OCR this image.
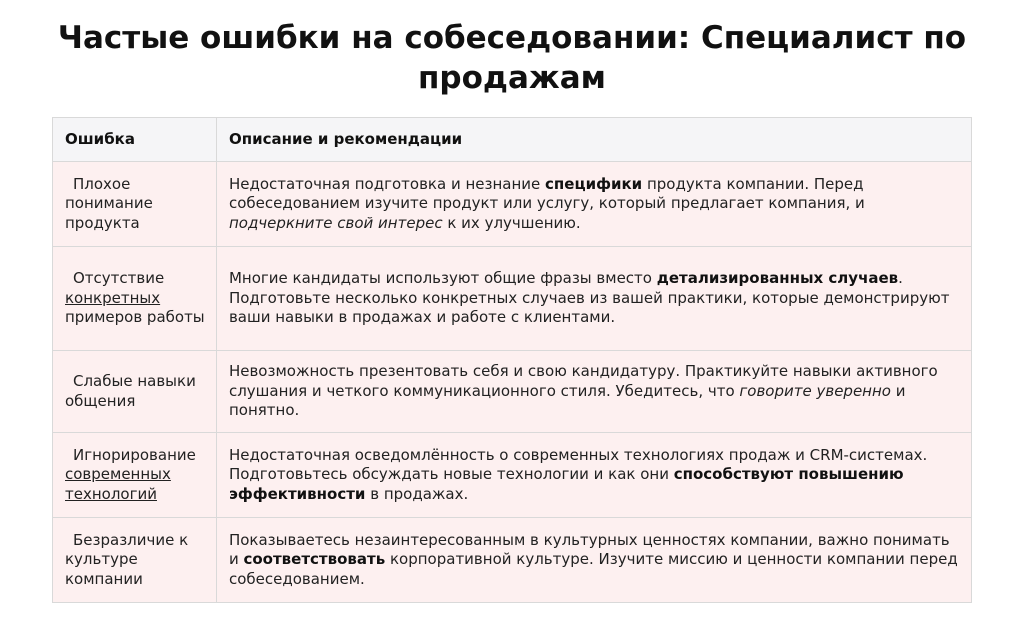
Частые ошибки на собеседовании: Специалист по продажам
Ошибка	Описание и рекомендации
Плохое понимание продукта	Недостаточная подготовка и незнание специфики продукта компании. Перед собеседованием изучите продукт или услугу, который предлагает компания, и подчеркните свой интерес к их улучшению.
Отсутствие конкретных примеров работы	Многие кандидаты используют общие фразы вместо детализированных случаев. Подготовьте несколько конкретных случаев из вашей практики, которые демонстрируют ваши навыки в продажах и работе с клиентами.
Слабые навыки общения	Невозможность презентовать себя и свою кандидатуру. Практикуйте навыки активного слушания и четкого коммуникационного стиля. Убедитесь, что говорите уверенно и понятно.
Игнорирование современных технологий	Недостаточная осведомлённость о современных технологиях продаж и CRM-системах. Подготовьтесь обсуждать новые технологии и как они способствуют повышению эффективности в продажах.
Безразличие к культуре компании	Показываетесь незаинтересованным в культурных ценностях компании, важно понимать и соответствовать корпоративной культуре. Изучите миссию и ценности компании перед собеседованием.
